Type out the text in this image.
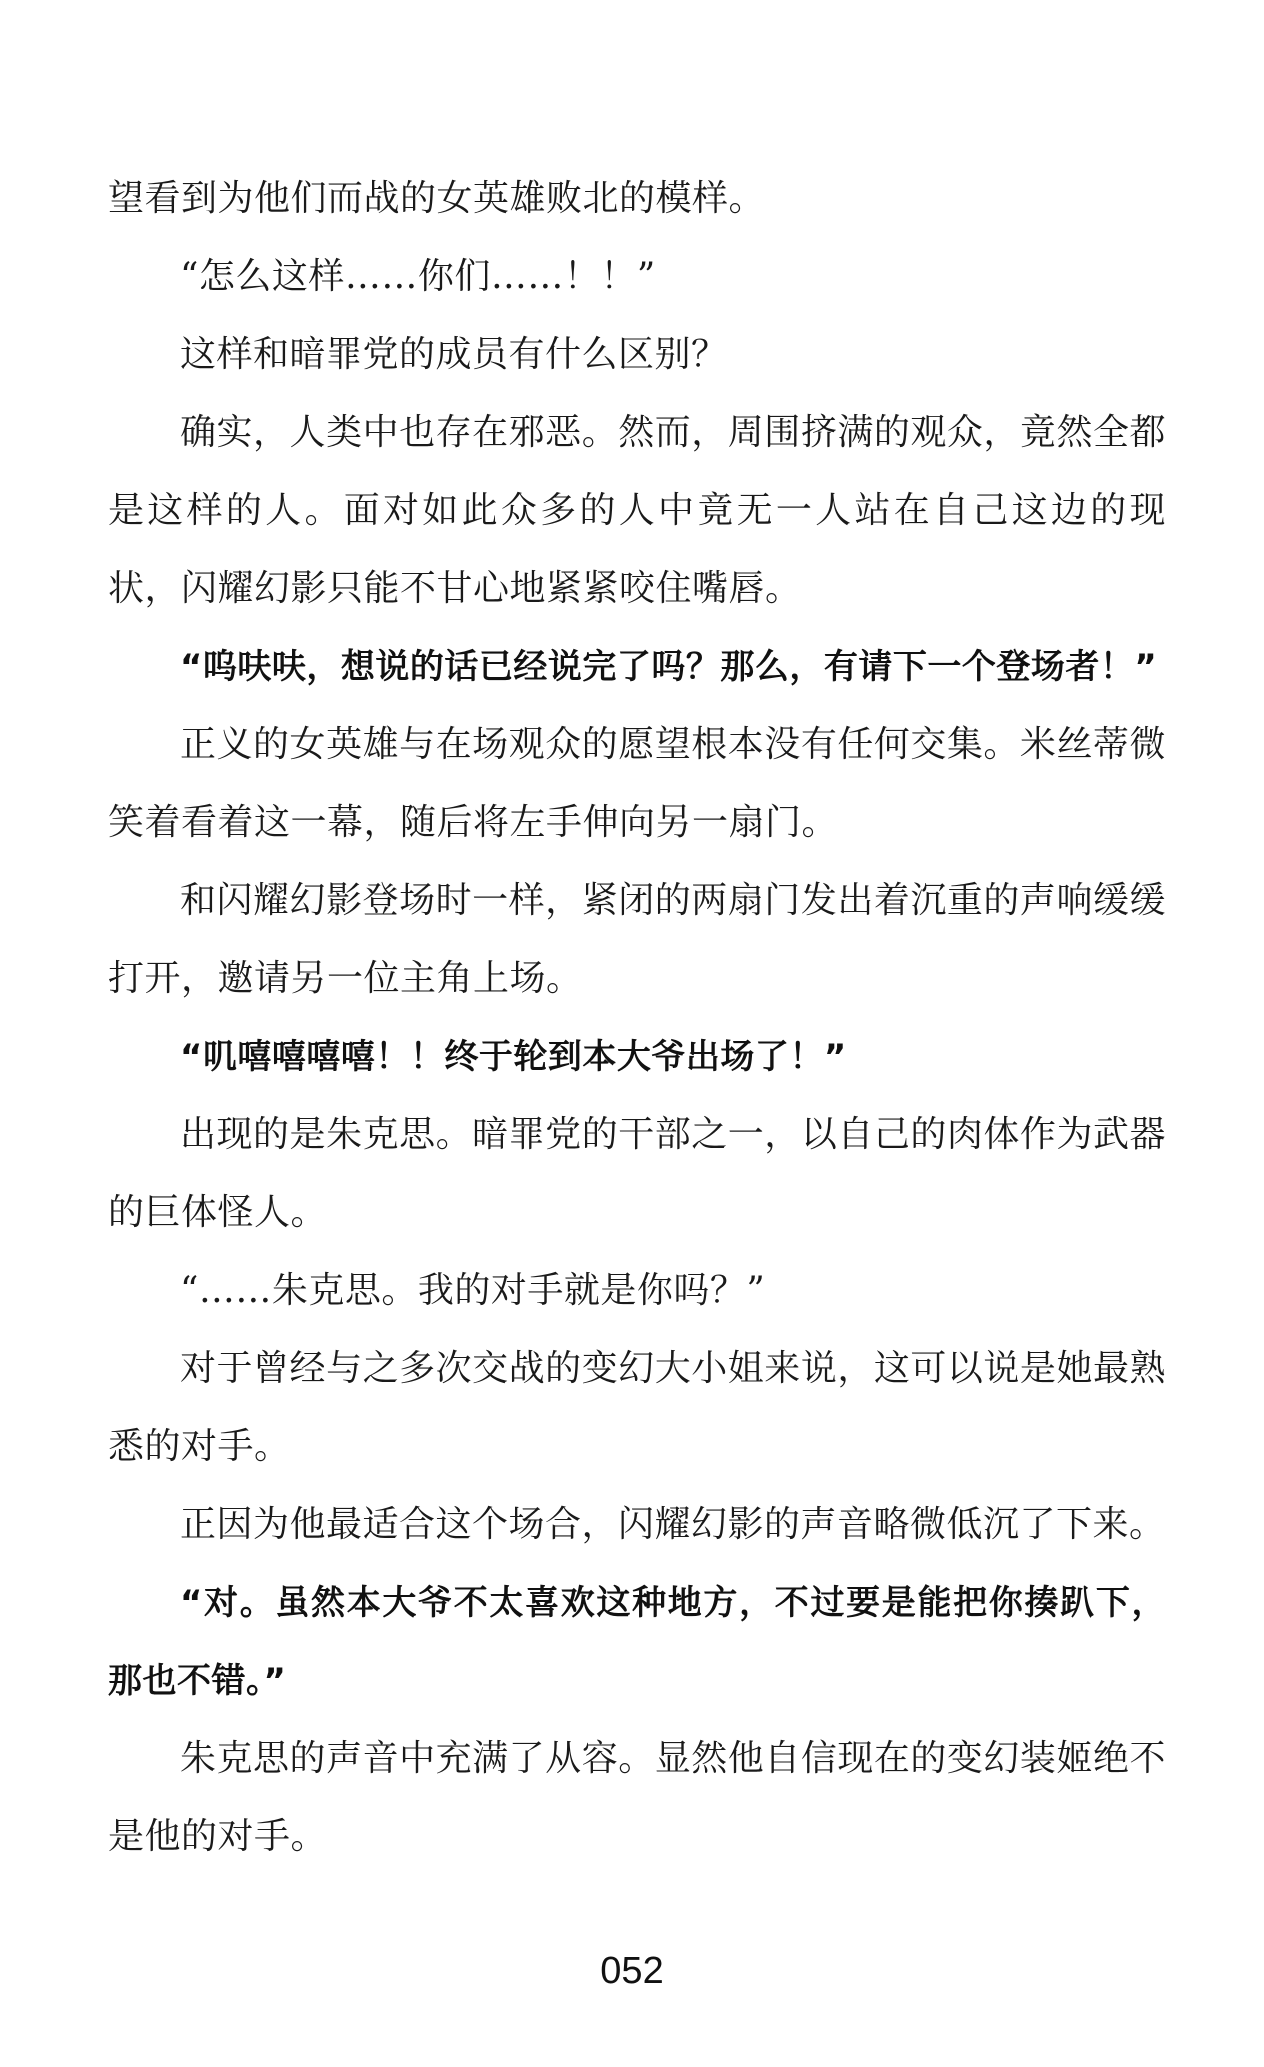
望看到为他们而战的女英雄败北的模样。

“怎么这样……你们……！！”

这样和暗罪党的成员有什么区别？

确实，人类中也存在邪恶。然而，周围挤满的观众，竟然全都是这样的人。面对如此众多的人中竟无一人站在自己这边的现状，闪耀幻影只能不甘心地紧紧咬住嘴唇。

“呜呋呋，想说的话已经说完了吗？那么，有请下一个登场者！”

正义的女英雄与在场观众的愿望根本没有任何交集。米丝蒂微笑着看着这一幕，随后将左手伸向另一扇门。

和闪耀幻影登场时一样，紧闭的两扇门发出着沉重的声响缓缓打开，邀请另一位主角上场。

“叽嘻嘻嘻嘻！！终于轮到本大爷出场了！”

出现的是朱克思。暗罪党的干部之一，以自己的肉体作为武器的巨体怪人。

“……朱克思。我的对手就是你吗？”

对于曾经与之多次交战的变幻大小姐来说，这可以说是她最熟悉的对手。

正因为他最适合这个场合，闪耀幻影的声音略微低沉了下来。

“对。虽然本大爷不太喜欢这种地方，不过要是能把你揍趴下，那也不错。”

朱克思的声音中充满了从容。显然他自信现在的变幻装姬绝不是他的对手。

052
